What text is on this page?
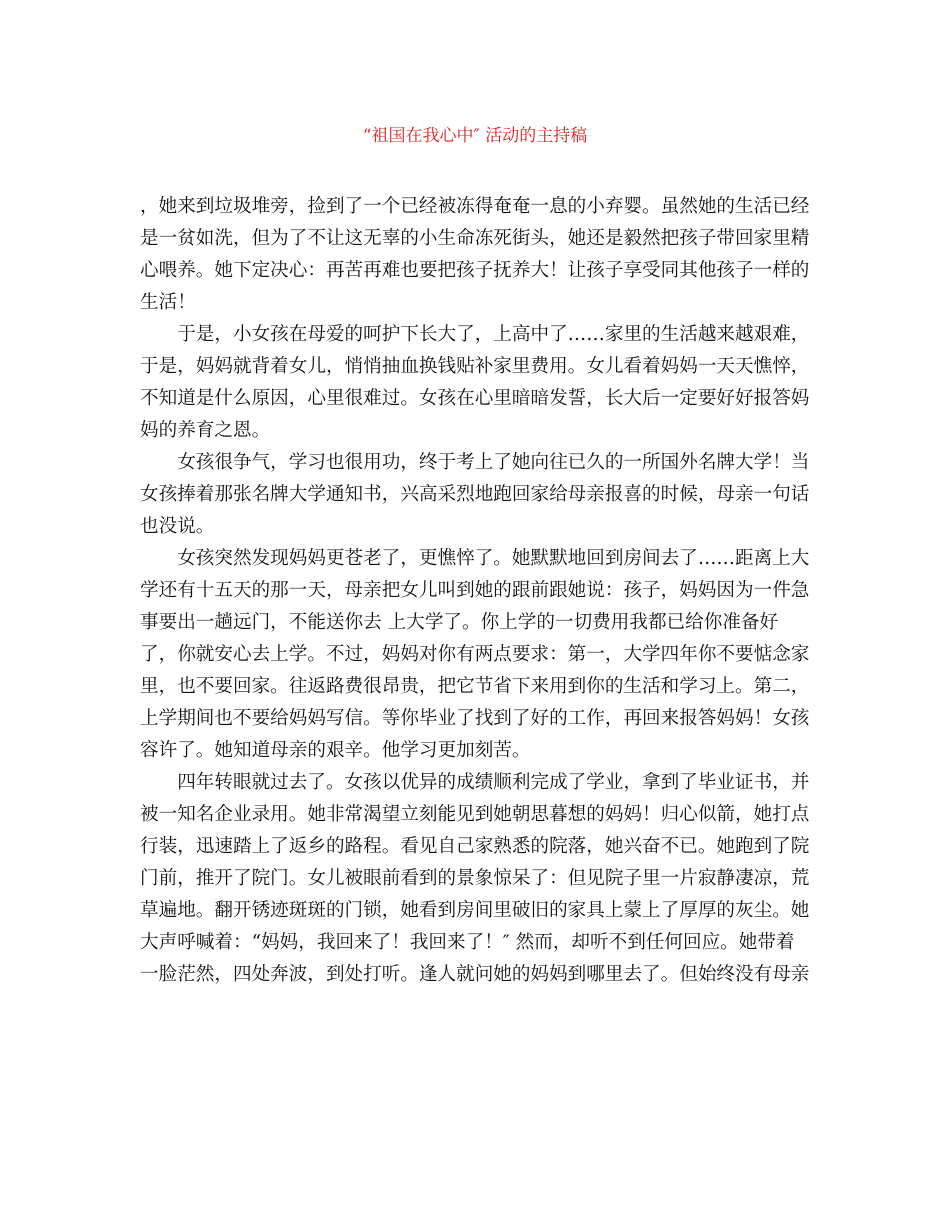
“祖国在我心中″ 活动的主持稿
，她来到垃圾堆旁，捡到了一个已经被冻得奄奄一息的小弃婴。虽然她的生活已经
是一贫如洗，但为了不让这无辜的小生命冻死街头，她还是毅然把孩子带回家里精
心喂养。她下定决心：再苦再难也要把孩子抚养大！让孩子享受同其他孩子一样的
生活！
　　于是，小女孩在母爱的呵护下长大了，上高中了……家里的生活越来越艰难，
于是，妈妈就背着女儿，悄悄抽血换钱贴补家里费用。女儿看着妈妈一天天憔悴，
不知道是什么原因，心里很难过。女孩在心里暗暗发誓，长大后一定要好好报答妈
妈的养育之恩。
　　女孩很争气，学习也很用功，终于考上了她向往已久的一所国外名牌大学！当
女孩捧着那张名牌大学通知书，兴高采烈地跑回家给母亲报喜的时候，母亲一句话
也没说。
　　女孩突然发现妈妈更苍老了，更憔悴了。她默默地回到房间去了……距离上大
学还有十五天的那一天，母亲把女儿叫到她的跟前跟她说：孩子，妈妈因为一件急
事要出一趟远门，不能送你去 上大学了。你上学的一切费用我都已给你准备好
了，你就安心去上学。不过，妈妈对你有两点要求：第一，大学四年你不要惦念家
里，也不要回家。往返路费很昂贵，把它节省下来用到你的生活和学习上。第二，
上学期间也不要给妈妈写信。等你毕业了找到了好的工作，再回来报答妈妈！女孩
容许了。她知道母亲的艰辛。他学习更加刻苦。
　　四年转眼就过去了。女孩以优异的成绩顺利完成了学业，拿到了毕业证书，并
被一知名企业录用。她非常渴望立刻能见到她朝思暮想的妈妈！归心似箭，她打点
行装，迅速踏上了返乡的路程。看见自己家熟悉的院落，她兴奋不已。她跑到了院
门前，推开了院门。女儿被眼前看到的景象惊呆了：但见院子里一片寂静凄凉，荒
草遍地。翻开锈迹斑斑的门锁，她看到房间里破旧的家具上蒙上了厚厚的灰尘。她
大声呼喊着：“妈妈，我回来了！我回来了！″ 然而，却听不到任何回应。她带着
一脸茫然，四处奔波，到处打听。逢人就问她的妈妈到哪里去了。但始终没有母亲
